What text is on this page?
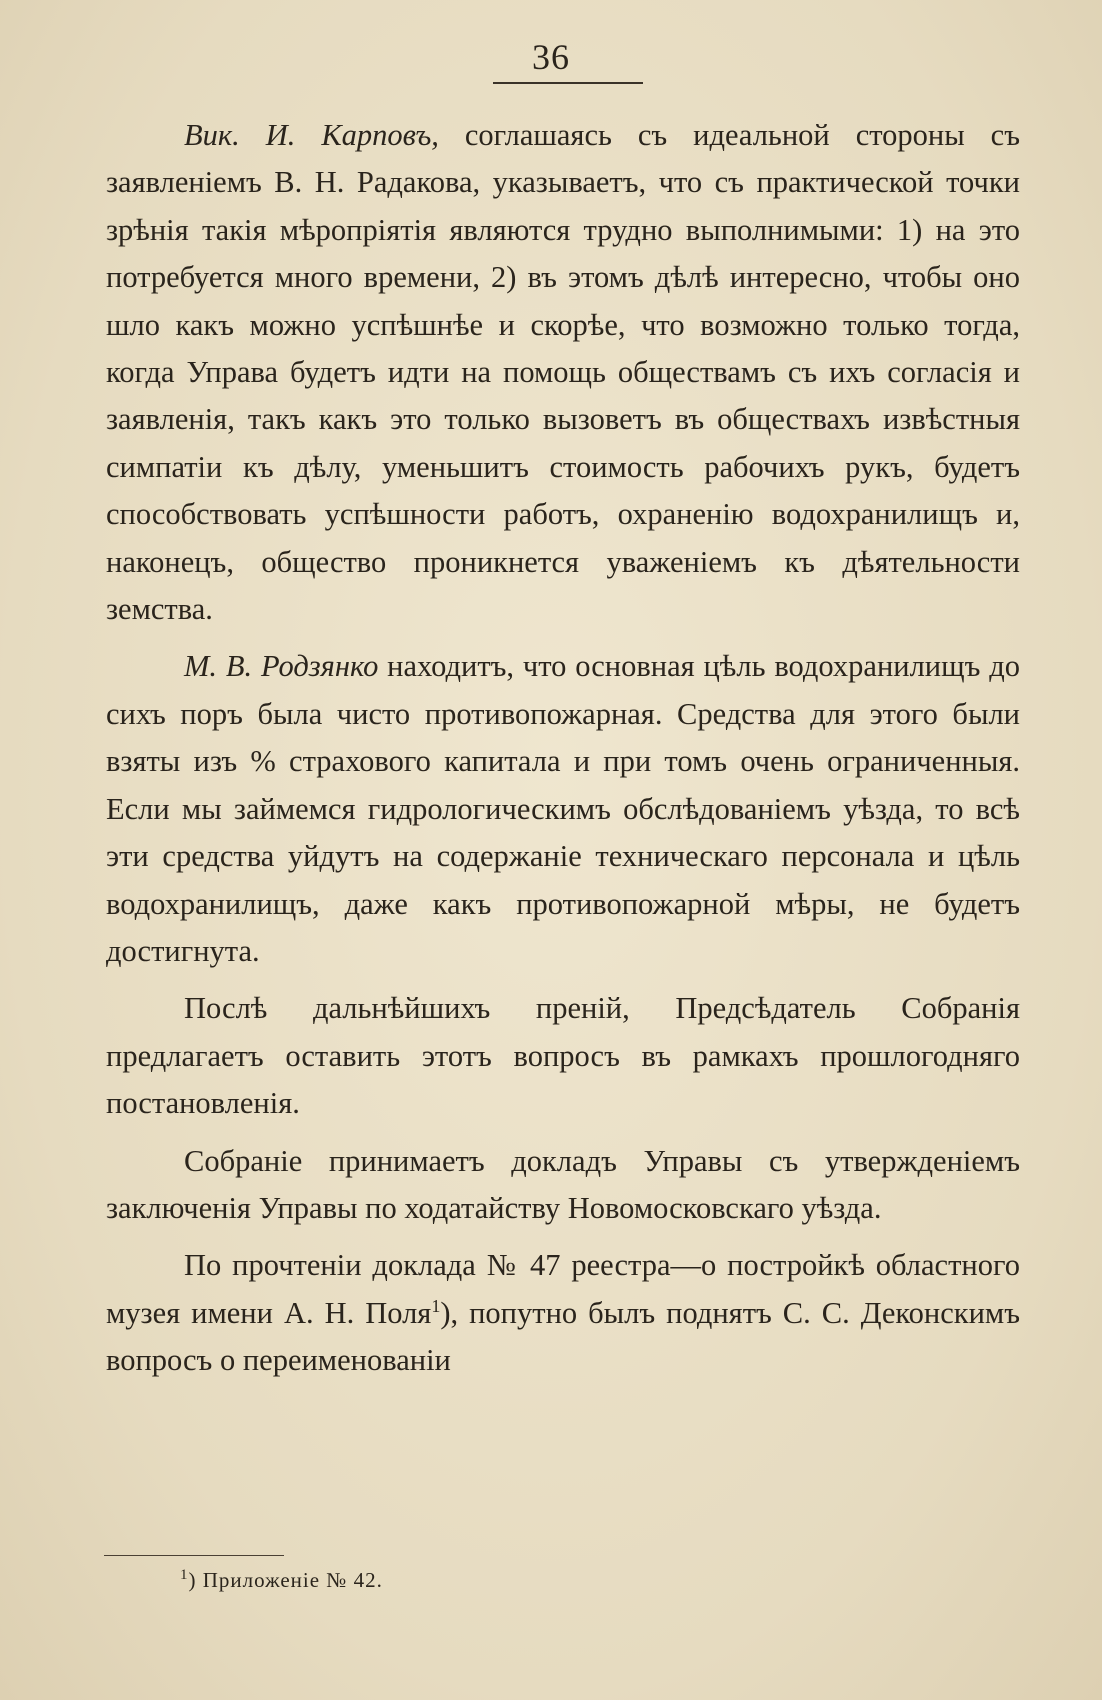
36

Вик. И. Карповъ, соглашаясь съ идеальной стороны съ заявленіемъ В. Н. Радакова, указываетъ, что съ практической точки зрѣнія такія мѣропріятія являются трудно выполнимыми: 1) на это потребуется много времени, 2) въ этомъ дѣлѣ интересно, чтобы оно шло какъ можно успѣшнѣе и скорѣе, что возможно только тогда, когда Управа будетъ идти на помощь обществамъ съ ихъ согласія и заявленія, такъ какъ это только вызоветъ въ обществахъ извѣстныя симпатіи къ дѣлу, уменьшитъ стоимость рабочихъ рукъ, будетъ способствовать успѣшности работъ, охраненію водохранилищъ и, наконецъ, общество проникнется уваженіемъ къ дѣятельности земства.

М. В. Родзянко находитъ, что основная цѣль водохранилищъ до сихъ поръ была чисто противопожарная. Средства для этого были взяты изъ % страхового капитала и при томъ очень ограниченныя. Если мы займемся гидрологическимъ обслѣдованіемъ уѣзда, то всѣ эти средства уйдутъ на содержаніе техническаго персонала и цѣль водохранилищъ, даже какъ противопожарной мѣры, не будетъ достигнута.

Послѣ дальнѣйшихъ преній, Предсѣдатель Собранія предлагаетъ оставить этотъ вопросъ въ рамкахъ прошлогодняго постановленія.

Собраніе принимаетъ докладъ Управы съ утвержденіемъ заключенія Управы по ходатайству Новомосковскаго уѣзда.

По прочтеніи доклада № 47 реестра—о постройкѣ областного музея имени А. Н. Поля$^1$), попутно былъ поднятъ С. С. Деконскимъ вопросъ о переименованіи

$^1$) Приложеніе № 42.
